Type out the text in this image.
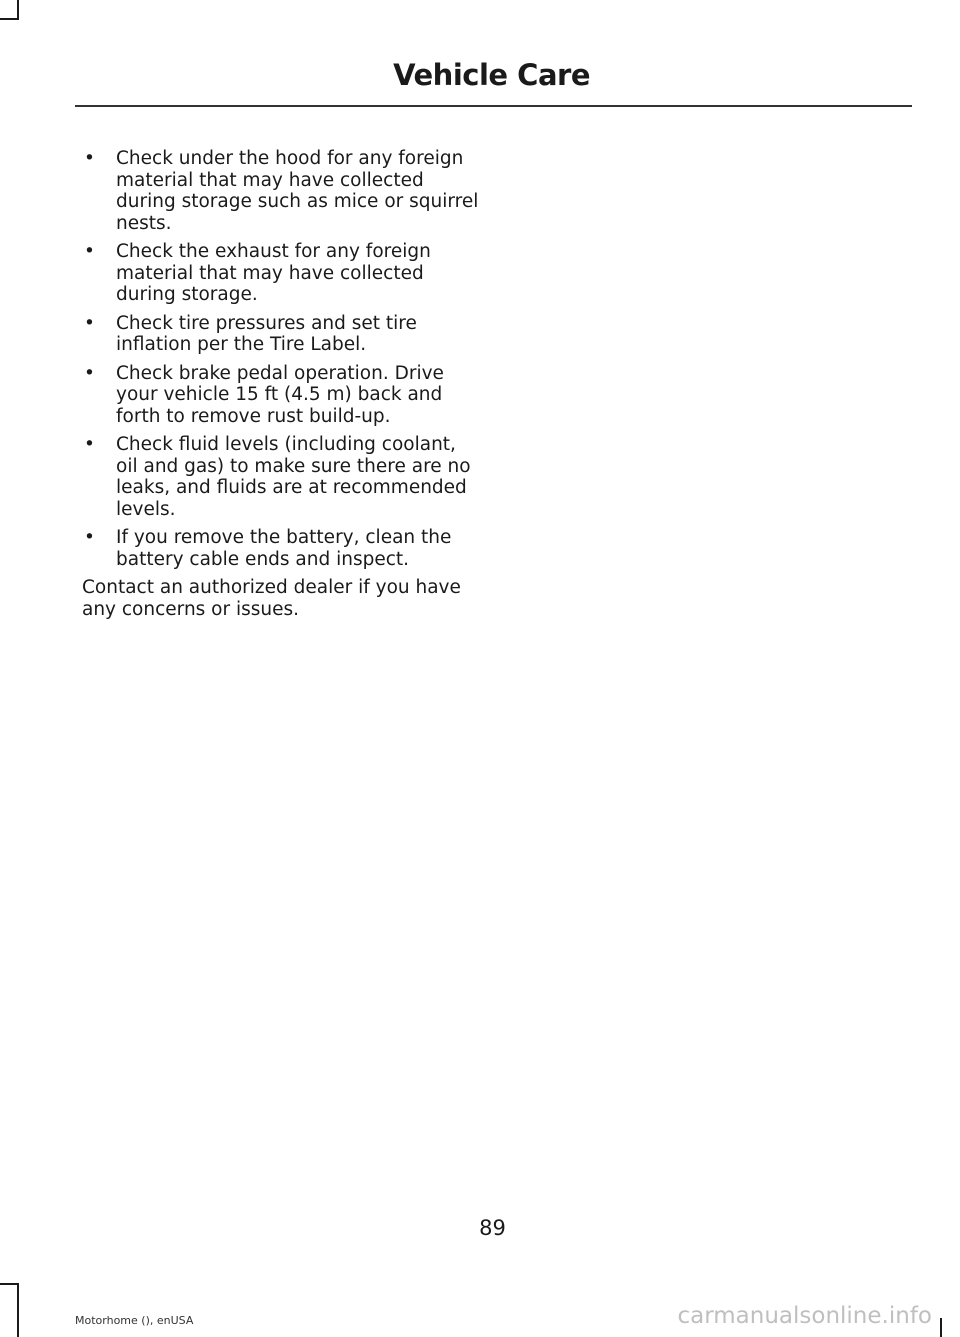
Vehicle Care
• Check under the hood for any foreign material that may have collected during storage such as mice or squirrel nests.
• Check the exhaust for any foreign material that may have collected during storage.
• Check tire pressures and set tire inflation per the Tire Label.
• Check brake pedal operation. Drive your vehicle 15 ft (4.5 m) back and forth to remove rust build-up.
• Check fluid levels (including coolant, oil and gas) to make sure there are no leaks, and fluids are at recommended levels.
• If you remove the battery, clean the battery cable ends and inspect.

Contact an authorized dealer if you have any concerns or issues.

89
Motorhome (), enUSA	carmanualsonline.info
